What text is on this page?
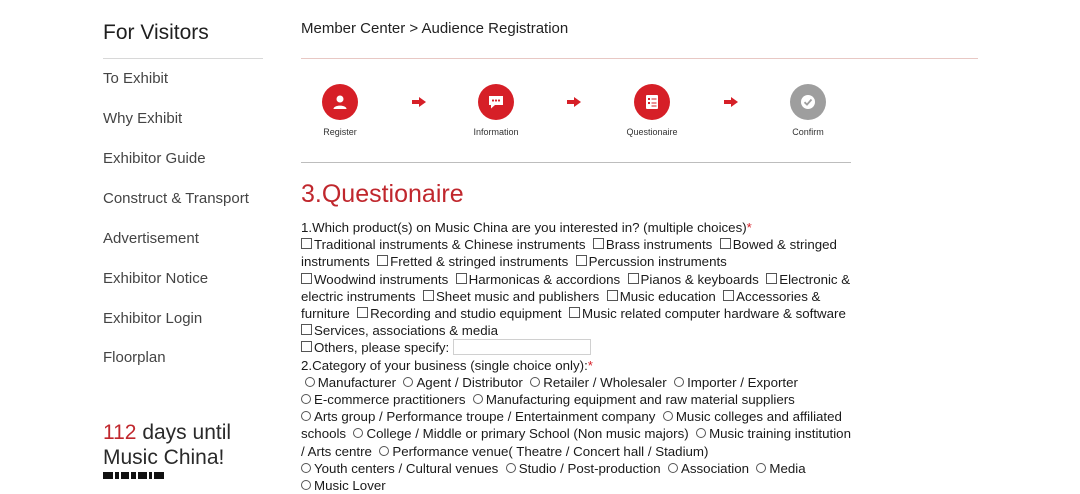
For Visitors
To Exhibit
Why Exhibit
Exhibitor Guide
Construct & Transport
Advertisement
Exhibitor Notice
Exhibitor Login
Floorplan
112 days until Music China!
Member Center > Audience Registration
Register	Information	Questionaire	Confirm
3.Questionaire
1.Which product(s) on Music China are you interested in? (multiple choices)*
Traditional instruments & Chinese instruments Brass instruments Bowed & stringed instruments Fretted & stringed instruments Percussion instruments  Woodwind instruments Harmonicas & accordions Pianos & keyboards Electronic & electric instruments Sheet music and publishers Music education Accessories & furniture Recording and studio equipment Music related computer hardware & software  Services, associations & media
Others, please specify:
2.Category of your business (single choice only):*
Manufacturer Agent / Distributor Retailer / Wholesaler Importer / Exporter  E-commerce practitioners Manufacturing equipment and raw material suppliers  Arts group / Performance troupe / Entertainment company Music colleges and affiliated schools College / Middle or primary School (Non music majors) Music training institution / Arts centre Performance venue( Theatre / Concert hall / Stadium)  Youth centers / Cultural venues Studio / Post-production Association Media  Music Lover
